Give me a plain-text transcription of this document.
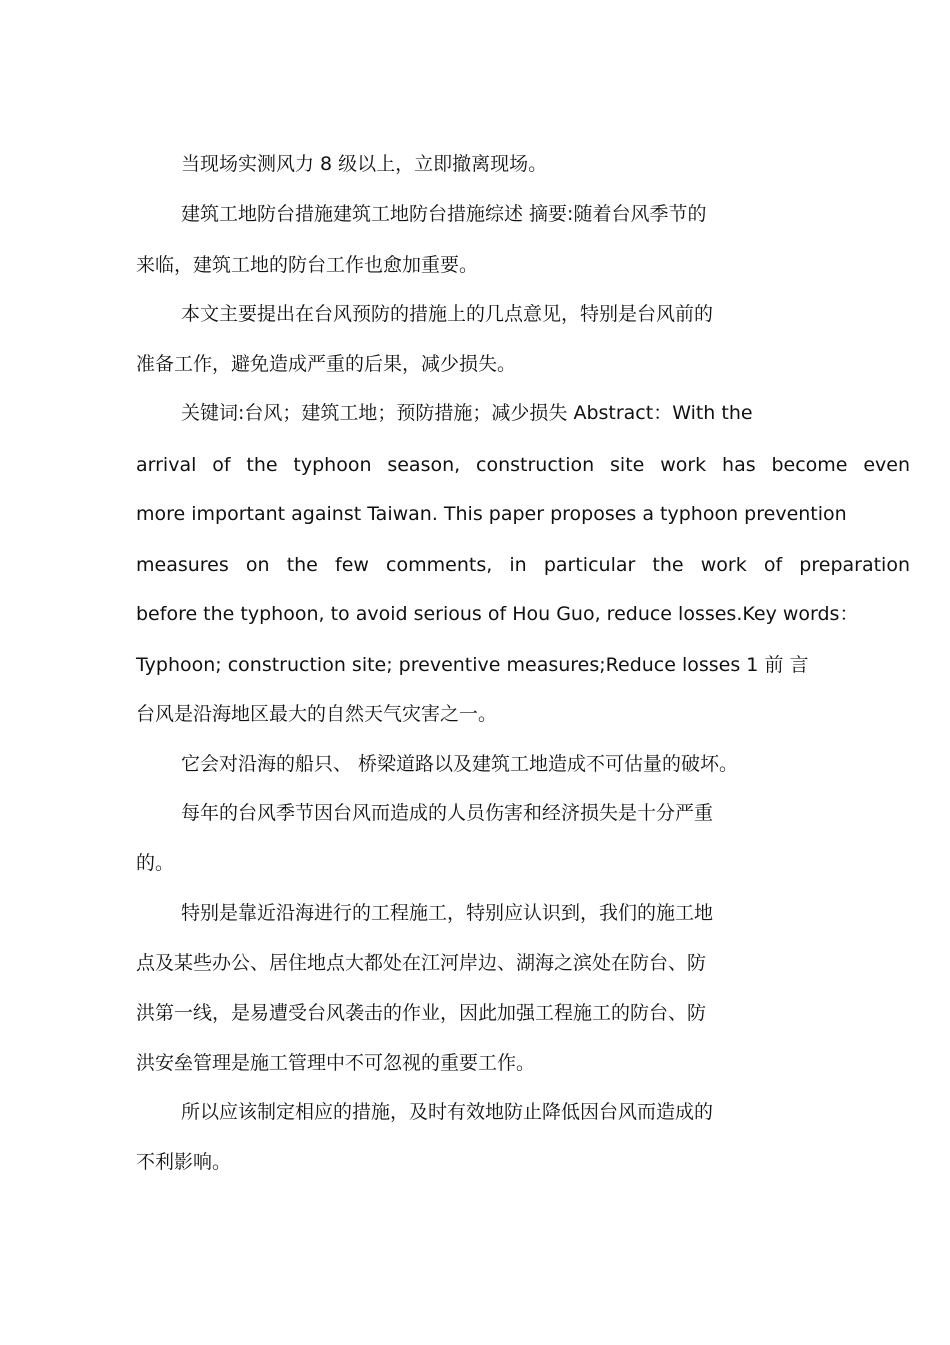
当现场实测风力 8 级以上，立即撤离现场。
建筑工地防台措施建筑工地防台措施综述 摘要:随着台风季节的
来临，建筑工地的防台工作也愈加重要。
本文主要提出在台风预防的措施上的几点意见，特别是台风前的
准备工作，避免造成严重的后果，减少损失。
关键词:台风；建筑工地；预防措施；减少损失 Abstract：With the
arrival of the typhoon season, construction site work has become even
more important against Taiwan. This paper proposes a typhoon prevention
measures on the few comments, in particular the work of preparation
before the typhoon, to avoid serious of Hou Guo, reduce losses.Key words：
Typhoon; construction site; preventive measures;Reduce losses 1 前 言
台风是沿海地区最大的自然天气灾害之一。
它会对沿海的船只、 桥梁道路以及建筑工地造成不可估量的破坏。
每年的台风季节因台风而造成的人员伤害和经济损失是十分严重
的。
特别是靠近沿海进行的工程施工，特别应认识到，我们的施工地
点及某些办公、居住地点大都处在江河岸边、湖海之滨处在防台、防
洪第一线，是易遭受台风袭击的作业，因此加强工程施工的防台、防
洪安垒管理是施工管理中不可忽视的重要工作。
所以应该制定相应的措施，及时有效地防止降低因台风而造成的
不利影响。
